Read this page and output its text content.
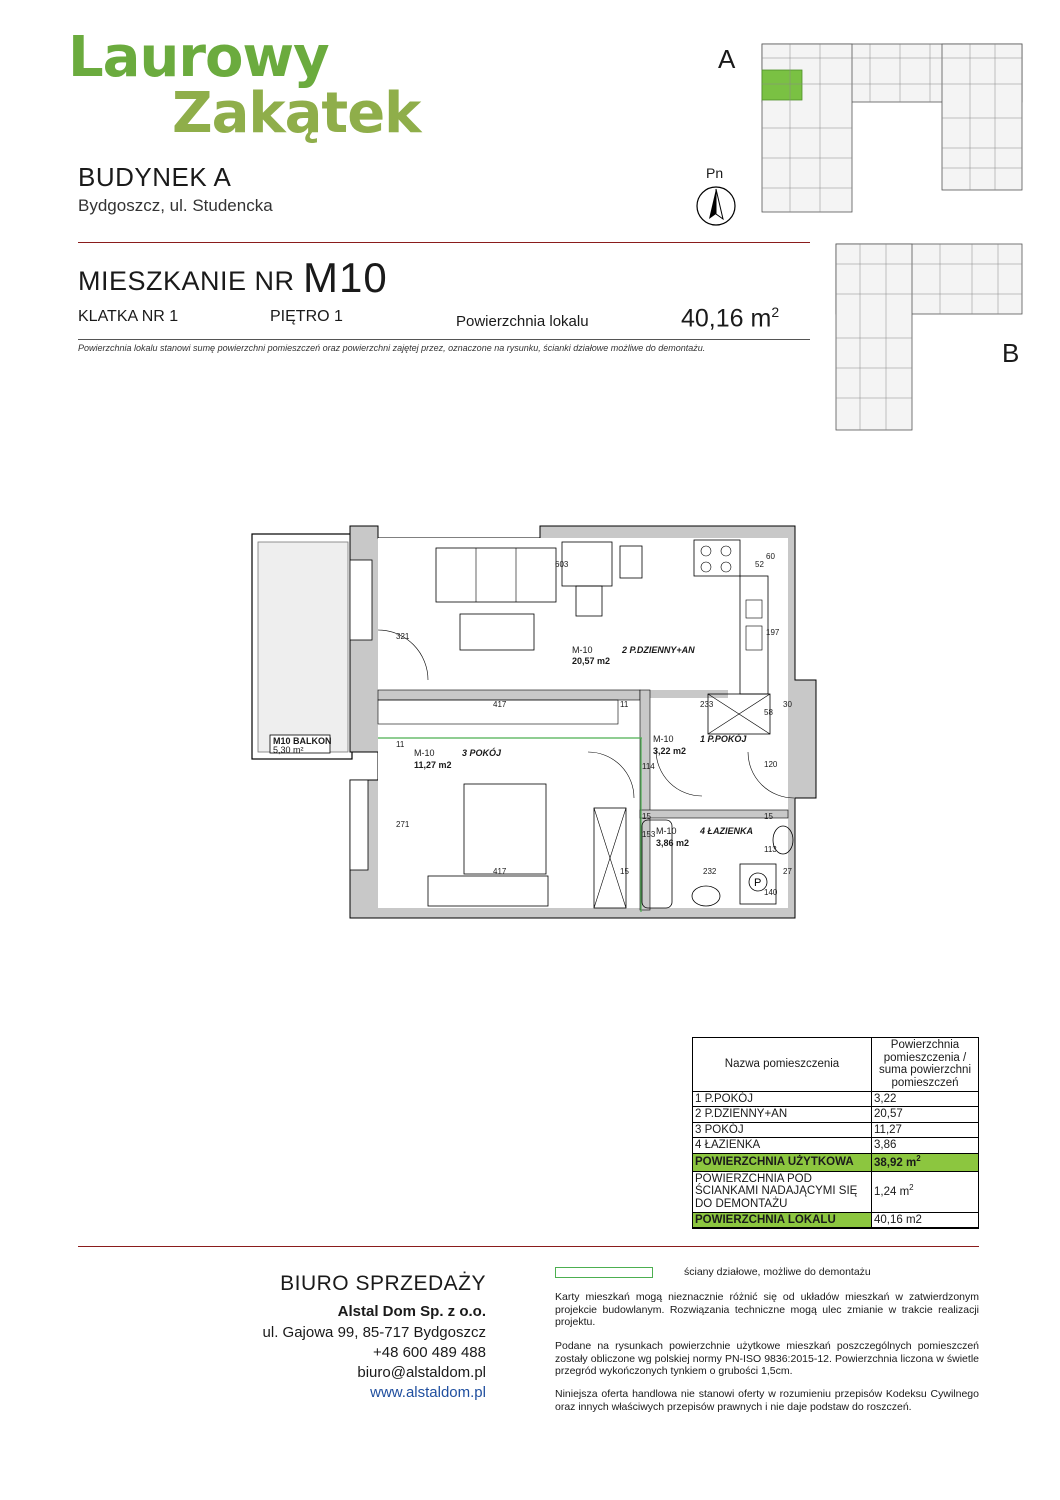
Laurowy
Zakątek
BUDYNEK A
Bydgoszcz, ul. Studencka
MIESZKANIE NR M10
KLATKA NR 1	PIĘTRO 1	Powierzchnia lokalu	40,16 $m^2$
Powierzchnia lokalu stanowi sumę powierzchni pomieszczeń oraz powierzchni zajętej przez, oznaczone na rysunku, ścianki działowe możliwe do demontażu.
A
B
Pn
P
M10 BALKON
5,30 m²
M-10	2 P.DZIENNY+AN
20,57 m2
M-10	3 POKÓJ
11,27 m2
M-10	1 P.POKÓJ
3,22 m2
M-10	4 ŁAZIENKA
3,86 m2
603	52
60
321	197
417	11	233
58
30
11
114	120
271
15
153
113
417	15	232	27
140
15
Nazwa pomieszczenia	Powierzchnia pomieszczenia / suma powierzchni pomieszczeń
1 P.POKÓJ	3,22
2 P.DZIENNY+AN	20,57
3 POKÓJ	11,27
4 ŁAZIENKA	3,86
POWIERZCHNIA UŻYTKOWA	38,92 $m^2$
POWIERZCHNIA POD ŚCIANKAMI NADAJĄCYMI SIĘ DO DEMONTAŻU	1,24 $m^2$
POWIERZCHNIA LOKALU	40,16 m2
BIURO SPRZEDAŻY
Alstal Dom Sp. z o.o.
ul. Gajowa 99, 85-717 Bydgoszcz
+48 600 489 488
biuro@alstaldom.pl
www.alstaldom.pl
ściany działowe, możliwe do demontażu
Karty mieszkań mogą nieznacznie różnić się od układów mieszkań w zatwierdzonym projekcie budowlanym. Rozwiązania techniczne mogą ulec zmianie w trakcie realizacji projektu.
Podane na rysunkach powierzchnie użytkowe mieszkań poszczególnych pomieszczeń zostały obliczone wg polskiej normy PN-ISO 9836:2015-12. Powierzchnia liczona w świetle przegród wykończonych tynkiem o grubości 1,5cm.
Niniejsza oferta handlowa nie stanowi oferty w rozumieniu przepisów Kodeksu Cywilnego oraz innych właściwych przepisów prawnych i nie daje podstaw do roszczeń.
